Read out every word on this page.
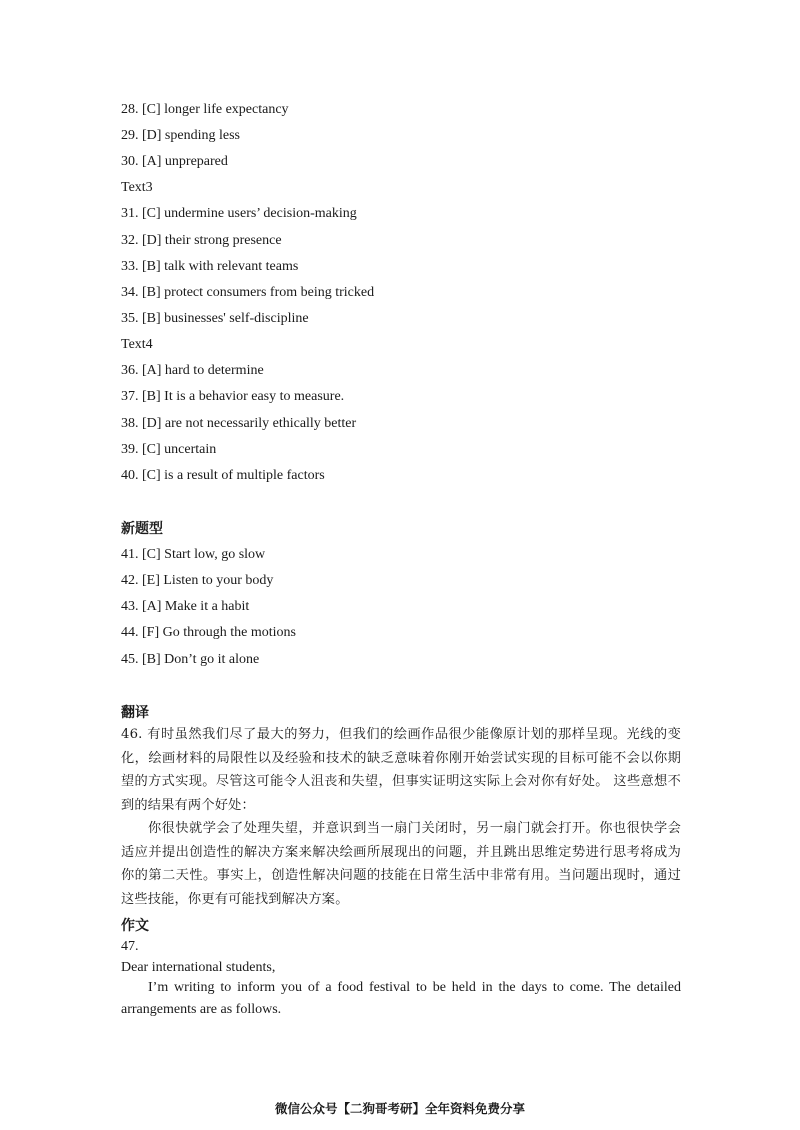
28. [C] longer life expectancy
29. [D] spending less
30. [A] unprepared
Text3
31. [C] undermine users’ decision-making
32. [D] their strong presence
33. [B] talk with relevant teams
34. [B] protect consumers from being tricked
35. [B] businesses' self-discipline
Text4
36. [A] hard to determine
37. [B] It is a behavior easy to measure.
38. [D] are not necessarily ethically better
39. [C] uncertain
40. [C] is a result of multiple factors
新题型
41. [C] Start low, go slow
42. [E] Listen to your body
43. [A] Make it a habit
44. [F] Go through the motions
45. [B] Don’t go it alone
翻译
46. 有时虽然我们尽了最大的努力，但我们的绘画作品很少能像原计划的那样呈现。光线的变化，绘画材料的局限性以及经验和技术的缺乏意味着你刚开始尝试实现的目标可能不会以你期望的方式实现。尽管这可能令人沮丧和失望，但事实证明这实际上会对你有好处。 这些意想不到的结果有两个好处：
你很快就学会了处理失望，并意识到当一扇门关闭时，另一扇门就会打开。你也很快学会适应并提出创造性的解决方案来解决绘画所展现出的问题，并且跳出思维定势进行思考将成为你的第二天性。事实上，创造性解决问题的技能在日常生活中非常有用。当问题出现时，通过这些技能，你更有可能找到解决方案。
作文
47.
Dear international students,
I’m writing to inform you of a food festival to be held in the days to come. The detailed arrangements are as follows.
微信公众号【二狗哥考研】全年资料免费分享
